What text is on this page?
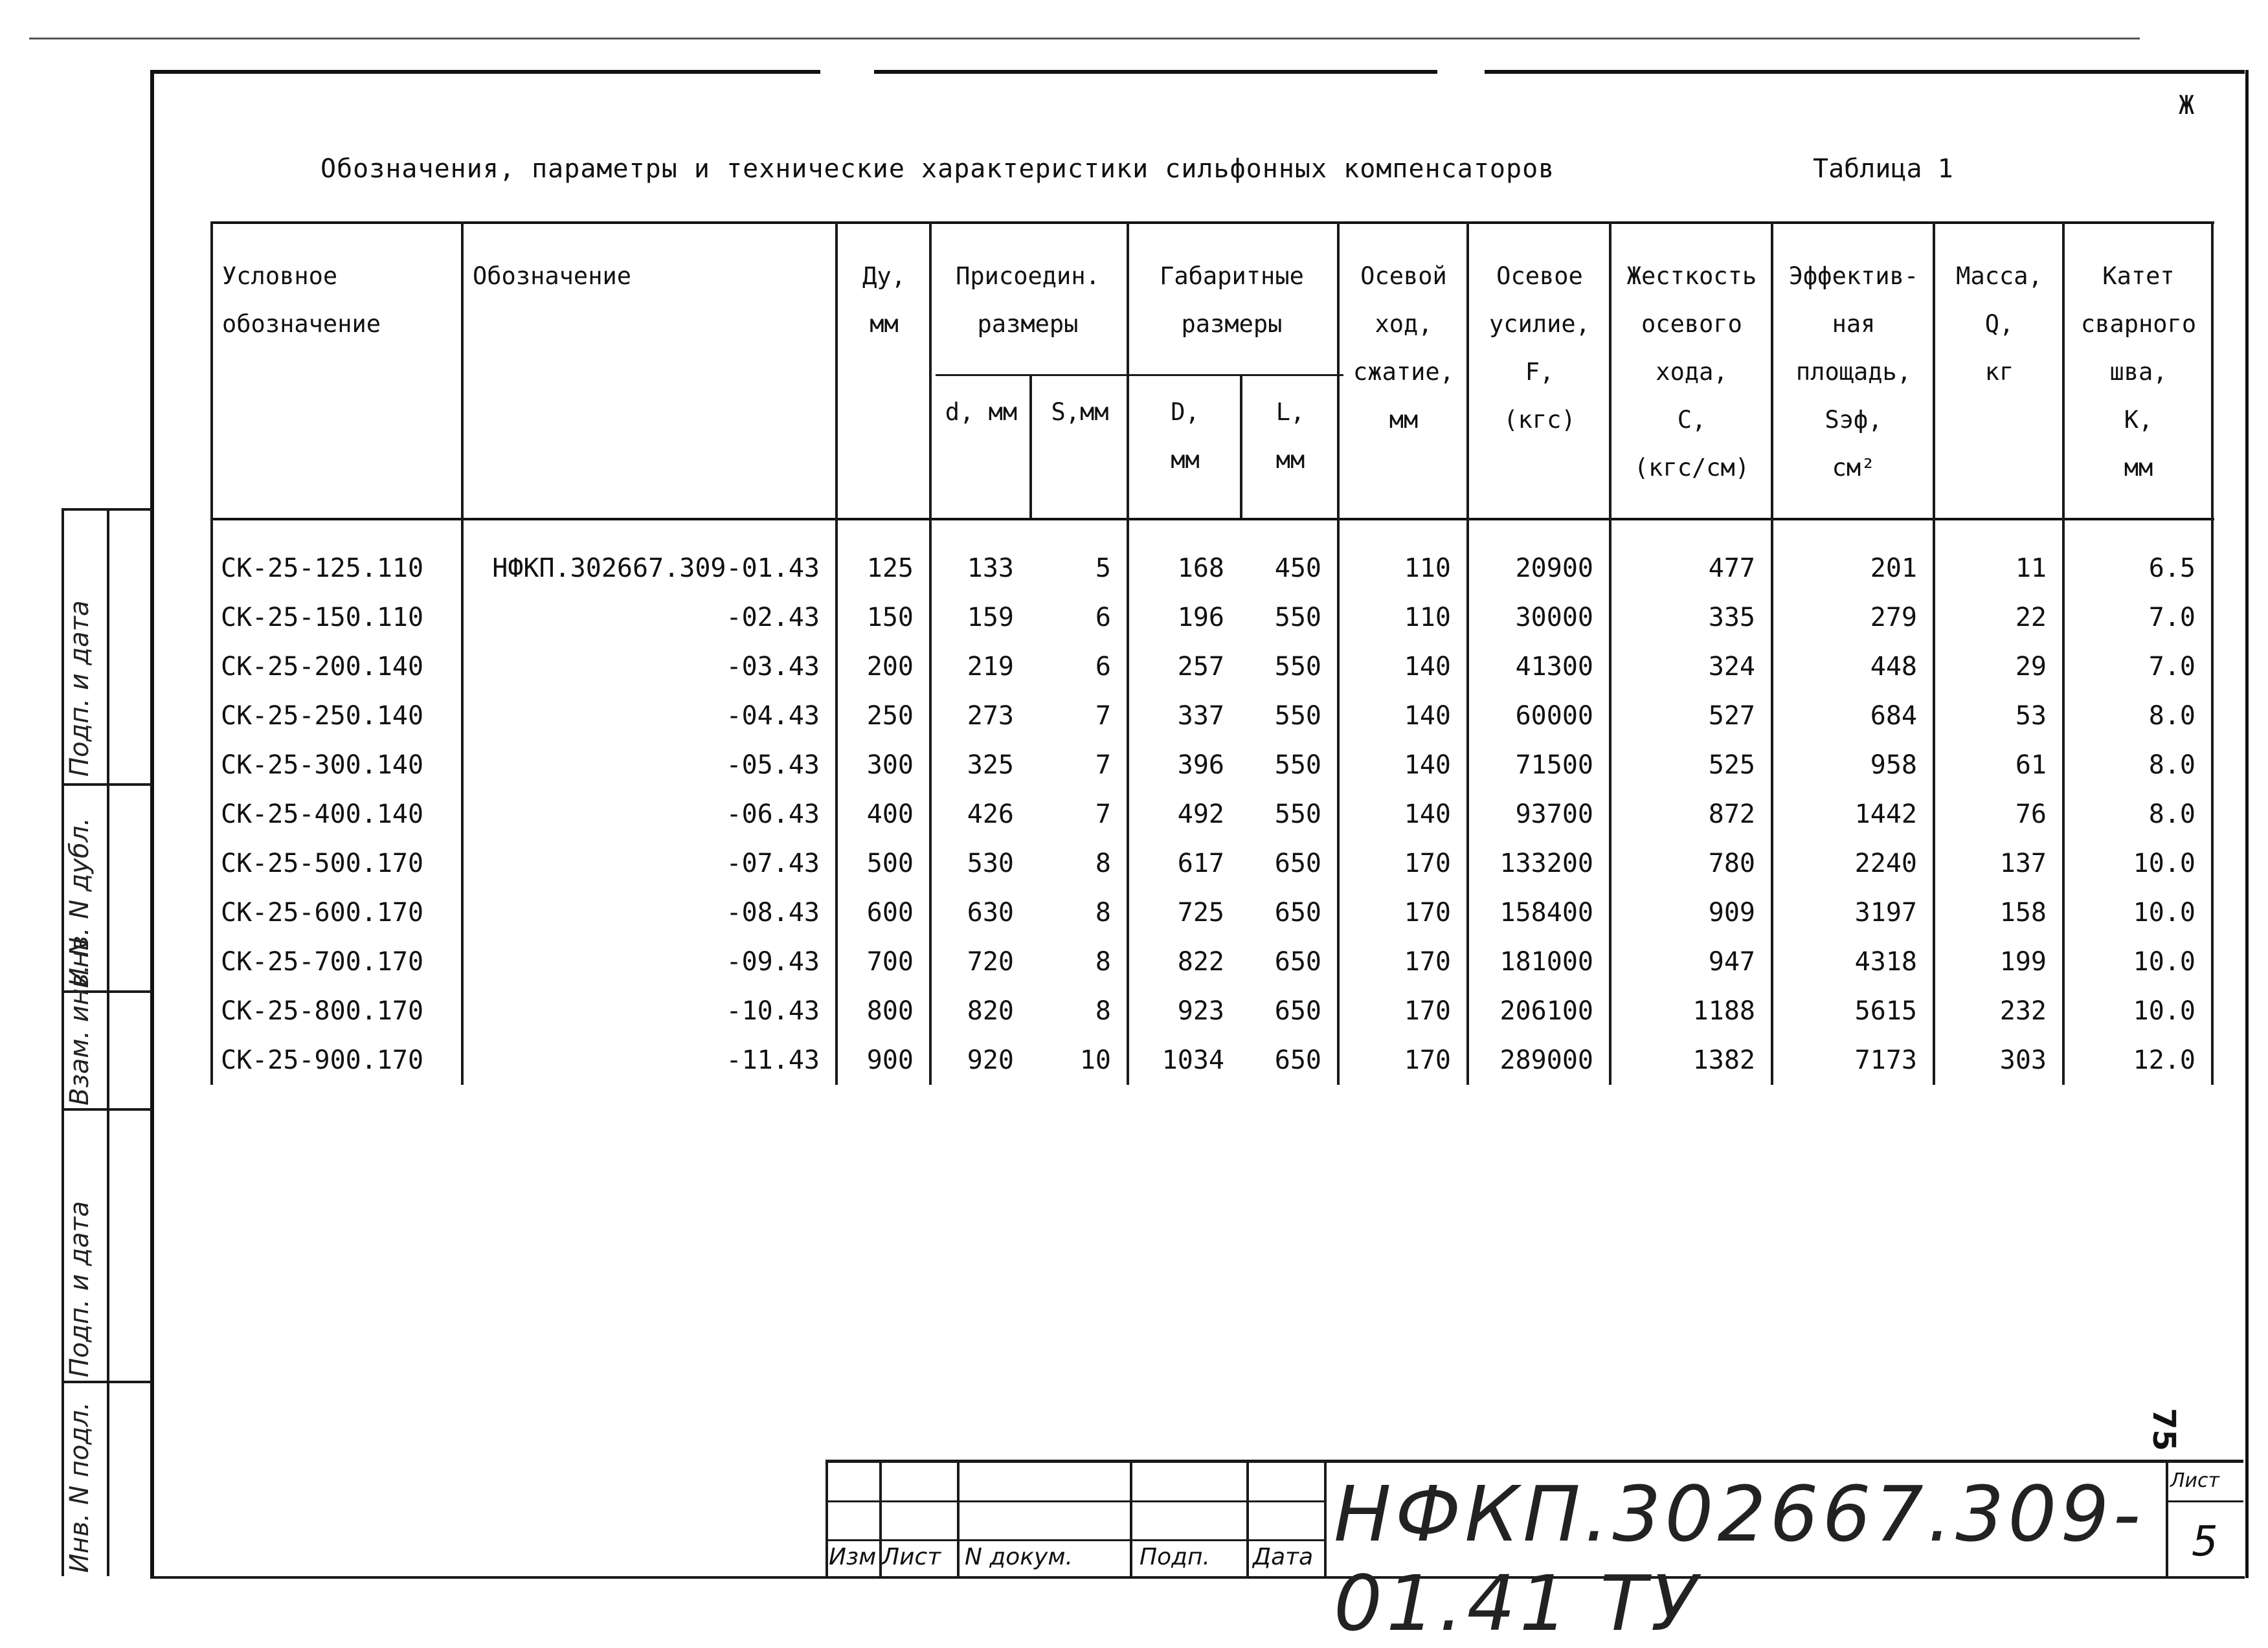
Ж
Обозначения, параметры и технические характеристики сильфонных компенсаторов	Таблица 1
Присоедин. размеры
Габаритные размеры
Условное
обозначение
Обозначение	Ду,
мм
d, мм	S,мм	D,
мм
L,
мм
Осевой
ход,
сжатие,
мм
Осевое
усилие,
F,
(кгс)
Жесткость
осевого
хода,
С,
(кгс/см)
Эффектив-
ная
площадь,
Sэф,
см²
Масса,
Q,
кг
Катет
сварного
шва,
К,
мм
СК-25-125.110	НФКП.302667.309-01.43	125	133	5	168	450	110	20900	477	201	11	6.5
СК-25-150.110	-02.43	150	159	6	196	550	110	30000	335	279	22	7.0
СК-25-200.140	-03.43	200	219	6	257	550	140	41300	324	448	29	7.0
СК-25-250.140	-04.43	250	273	7	337	550	140	60000	527	684	53	8.0
СК-25-300.140	-05.43	300	325	7	396	550	140	71500	525	958	61	8.0
СК-25-400.140	-06.43	400	426	7	492	550	140	93700	872	1442	76	8.0
СК-25-500.170	-07.43	500	530	8	617	650	170	133200	780	2240	137	10.0
СК-25-600.170	-08.43	600	630	8	725	650	170	158400	909	3197	158	10.0
СК-25-700.170	-09.43	700	720	8	822	650	170	181000	947	4318	199	10.0
СК-25-800.170	-10.43	800	820	8	923	650	170	206100	1188	5615	232	10.0
СК-25-900.170	-11.43	900	920	10	1034	650	170	289000	1382	7173	303	12.0
Подп. и дата
Инв. N дубл.
Взам. инв. N
Подп. и дата
Инв. N подл.	Изм Лист N докум.	Подп. Дата НФКП.302667.309-01.41 ТУ
Лист
5
75
